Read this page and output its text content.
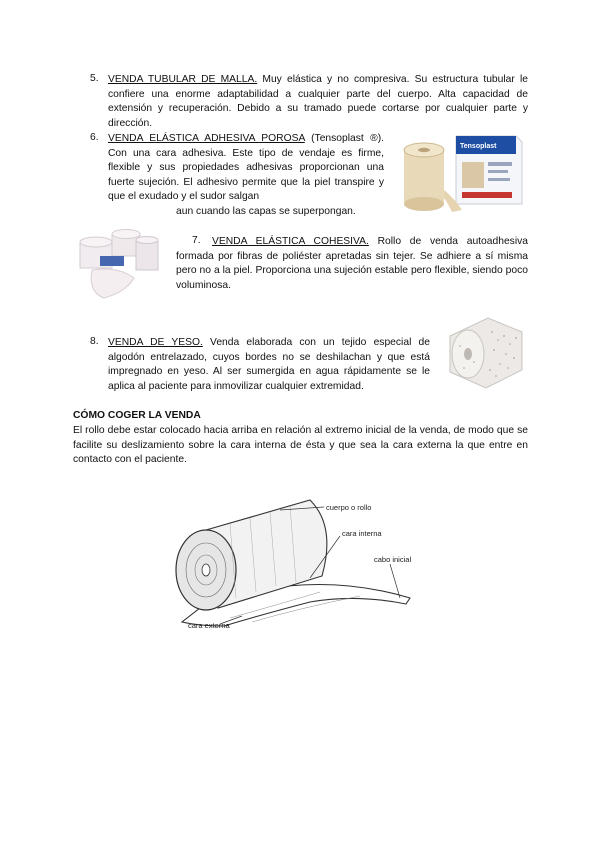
5. VENDA TUBULAR DE MALLA. Muy elástica y no compresiva. Su estructura tubular le confiere una enorme adaptabilidad a cualquier parte del cuerpo. Alta capacidad de extensión y recuperación. Debido a su tramado puede cortarse por cualquier parte y dirección.
6. VENDA ELÁSTICA ADHESIVA POROSA (Tensoplast ®). Con una cara adhesiva. Este tipo de vendaje es firme, flexible y sus propiedades adhesivas proporcionan una fuerte sujeción. El adhesivo permite que la piel transpire y que el exudado y el sudor salgan
aun cuando las capas se superpongan.
Tensoplast
7.	VENDA ELÁSTICA COHESIVA. Rollo de venda autoadhesiva formada por fibras de poliéster apretadas sin tejer. Se adhiere a sí misma pero no a la piel. Proporciona una sujeción estable pero flexible, siendo poco voluminosa.
8. VENDA DE YESO. Venda elaborada con un tejido especial de algodón entrelazado, cuyos bordes no se deshilachan y que está impregnado en yeso. Al ser sumergida en agua rápidamente se le aplica al paciente para inmovilizar cualquier extremidad.
CÓMO COGER LA VENDA
El rollo debe estar colocado hacia arriba en relación al extremo inicial de la venda, de modo que se facilite su deslizamiento sobre la cara interna de ésta y que sea la cara externa la que entre en contacto con el paciente.
cuerpo o rollo
cara interna
cabo inicial
cara externa
